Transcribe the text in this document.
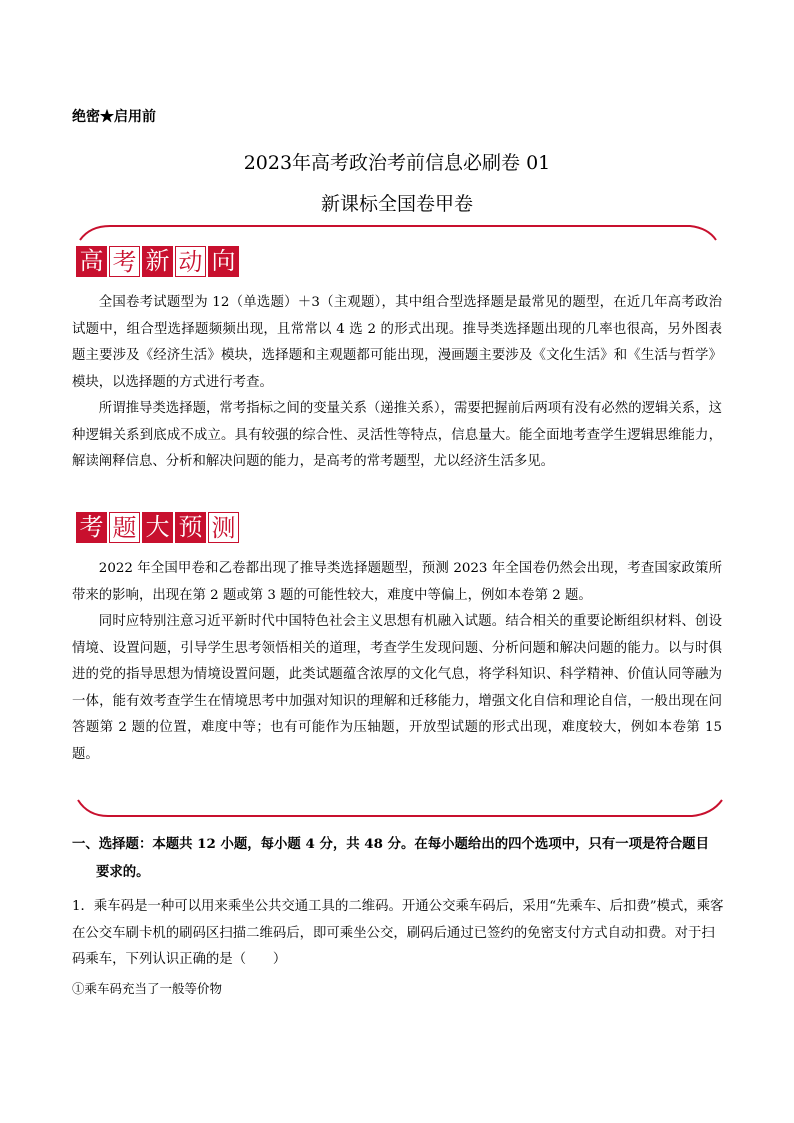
绝密★启用前
2023年高考政治考前信息必刷卷 01
新课标全国卷甲卷
高 考 新 动 向

全国卷考试题型为 12（单选题）＋3（主观题），其中组合型选择题是最常见的题型，在近几年高考政治试题中，组合型选择题频频出现，且常常以 4 选 2 的形式出现。推导类选择题出现的几率也很高，另外图表题主要涉及《经济生活》模块，选择题和主观题都可能出现，漫画题主要涉及《文化生活》和《生活与哲学》模块，以选择题的方式进行考查。

所谓推导类选择题，常考指标之间的变量关系（递推关系），需要把握前后两项有没有必然的逻辑关系，这种逻辑关系到底成不成立。具有较强的综合性、灵活性等特点，信息量大。能全面地考查学生逻辑思维能力，解读阐释信息、分析和解决问题的能力，是高考的常考题型，尤以经济生活多见。

考 题 大 预 测

2022 年全国甲卷和乙卷都出现了推导类选择题题型，预测 2023 年全国卷仍然会出现，考查国家政策所带来的影响，出现在第 2 题或第 3 题的可能性较大，难度中等偏上，例如本卷第 2 题。

同时应特别注意习近平新时代中国特色社会主义思想有机融入试题。结合相关的重要论断组织材料、创设情境、设置问题，引导学生思考领悟相关的道理，考查学生发现问题、分析问题和解决问题的能力。以与时俱进的党的指导思想为情境设置问题，此类试题蕴含浓厚的文化气息，将学科知识、科学精神、价值认同等融为一体，能有效考查学生在情境思考中加强对知识的理解和迁移能力，增强文化自信和理论自信，一般出现在问答题第 2 题的位置，难度中等；也有可能作为压轴题，开放型试题的形式出现，难度较大，例如本卷第 15 题。

一、选择题：本题共 12 小题，每小题 4 分，共 48 分。在每小题给出的四个选项中，只有一项是符合题目
要求的。

1．乘车码是一种可以用来乘坐公共交通工具的二维码。开通公交乘车码后，采用“先乘车、后扣费”模式，乘客在公交车刷卡机的刷码区扫描二维码后，即可乘坐公交，刷码后通过已签约的免密支付方式自动扣费。对于扫码乘车，下列认识正确的是（　　）

①乘车码充当了一般等价物
